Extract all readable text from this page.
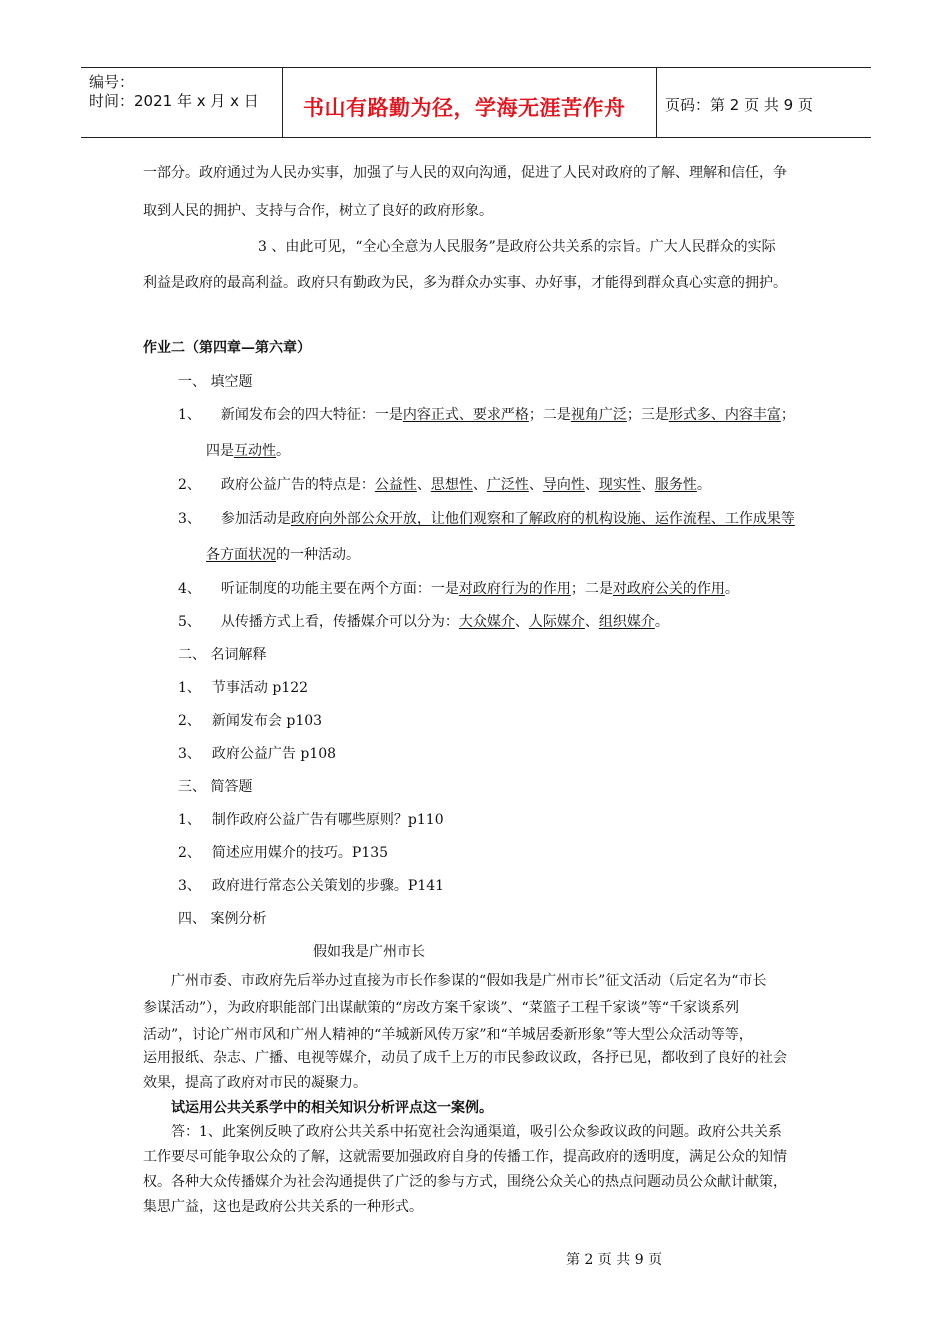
编号：
时间：2021 年 x 月 x 日 书山有路勤为径，学海无涯苦作舟	页码：第 2 页 共 9 页
一部分。政府通过为人民办实事，加强了与人民的双向沟通，促进了人民对政府的了解、理解和信任，争
取到人民的拥护、支持与合作，树立了良好的政府形象。
3 、由此可见，“全心全意为人民服务”是政府公共关系的宗旨。广大人民群众的实际
利益是政府的最高利益。政府只有勤政为民，多为群众办实事、办好事，才能得到群众真心实意的拥护。
作业二（第四章—第六章）
一、 填空题
1、 新闻发布会的四大特征：一是内容正式、要求严格；二是视角广泛；三是形式多、内容丰富；
四是互动性。
2、 政府公益广告的特点是：公益性、思想性、广泛性、导向性、现实性、服务性。
3、 参加活动是政府向外部公众开放，让他们观察和了解政府的机构设施、运作流程、工作成果等
各方面状况的一种活动。
4、 听证制度的功能主要在两个方面：一是对政府行为的作用；二是对政府公关的作用。
5、 从传播方式上看，传播媒介可以分为：大众媒介、人际媒介、组织媒介。
二、 名词解释
1、 节事活动 p122
2、 新闻发布会 p103
3、 政府公益广告 p108
三、 简答题
1、 制作政府公益广告有哪些原则？p110
2、 简述应用媒介的技巧。P135
3、 政府进行常态公关策划的步骤。P141
四、 案例分析
假如我是广州市长
广州市委、市政府先后举办过直接为市长作参谋的“假如我是广州市长”征文活动（后定名为“市长
参谋活动”），为政府职能部门出谋献策的“房改方案千家谈”、“菜篮子工程千家谈”等“千家谈系列
活动”，讨论广州市风和广州人精神的“羊城新风传万家”和“羊城居委新形象”等大型公众活动等等，
运用报纸、杂志、广播、电视等媒介，动员了成千上万的市民参政议政，各抒已见，都收到了良好的社会
效果，提高了政府对市民的凝聚力。
试运用公共关系学中的相关知识分析评点这一案例。
答：1、此案例反映了政府公共关系中拓宽社会沟通渠道，吸引公众参政议政的问题。政府公共关系
工作要尽可能争取公众的了解，这就需要加强政府自身的传播工作，提高政府的透明度，满足公众的知情
权。各种大众传播媒介为社会沟通提供了广泛的参与方式，围绕公众关心的热点问题动员公众献计献策，
集思广益，这也是政府公共关系的一种形式。
第 2 页 共 9 页
